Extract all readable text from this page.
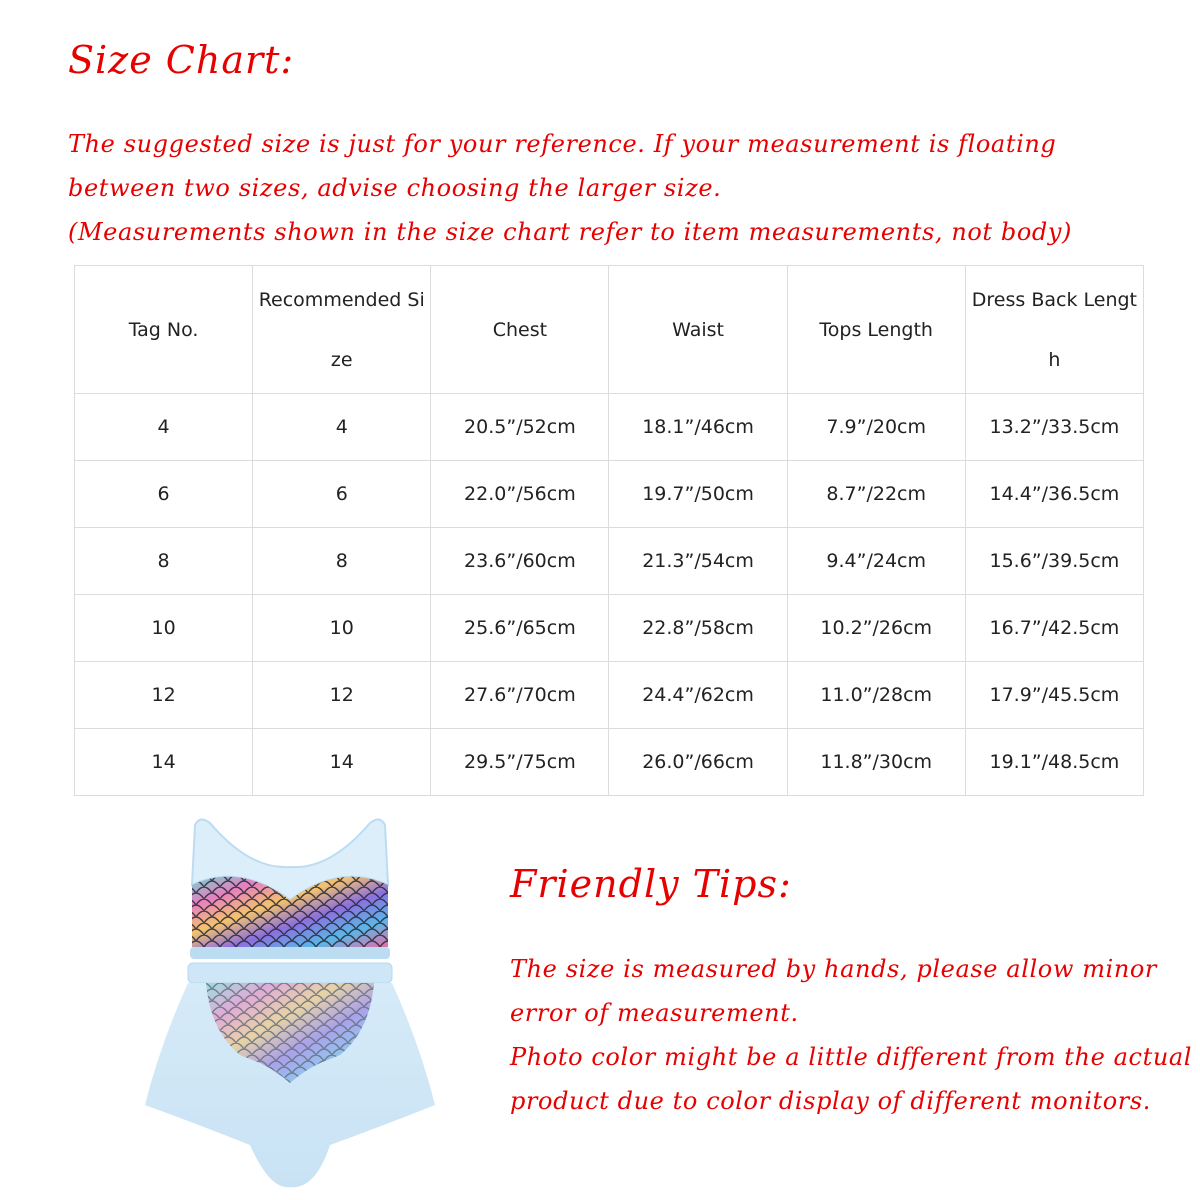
Size Chart:

The suggested size is just for your reference. If your measurement is floating between two sizes, advise choosing the larger size.

(Measurements shown in the size chart refer to item measurements, not body)

Tag No.	Recommended Size	Chest	Waist	Tops Length	Dress Back Length
4	4	20.5”/52cm	18.1”/46cm	7.9”/20cm	13.2”/33.5cm
6	6	22.0”/56cm	19.7”/50cm	8.7”/22cm	14.4”/36.5cm
8	8	23.6”/60cm	21.3”/54cm	9.4”/24cm	15.6”/39.5cm
10	10	25.6”/65cm	22.8”/58cm	10.2”/26cm	16.7”/42.5cm
12	12	27.6”/70cm	24.4”/62cm	11.0”/28cm	17.9”/45.5cm
14	14	29.5”/75cm	26.0”/66cm	11.8”/30cm	19.1”/48.5cm
Friendly Tips:

The size is measured by hands, please allow minor error of measurement.

Photo color might be a little different from the actual product due to color display of different monitors.
